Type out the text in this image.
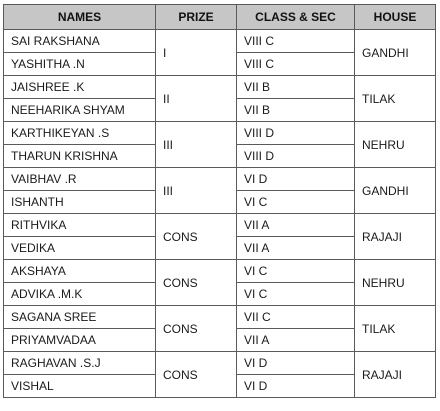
NAMES	PRIZE	CLASS & SEC	HOUSE
SAI RAKSHANA	I	VIII C	GANDHI
YASHITHA .N		VIII C	
JAISHREE .K	II	VII B	TILAK
NEEHARIKA SHYAM		VII B	
KARTHIKEYAN .S	III	VIII D	NEHRU
THARUN KRISHNA		VIII D	
VAIBHAV .R	III	VI D	GANDHI
ISHANTH		VI C	
RITHVIKA	CONS	VII A	RAJAJI
VEDIKA		VII A	
AKSHAYA	CONS	VI C	NEHRU
ADVIKA .M.K		VI C	
SAGANA SREE	CONS	VII C	TILAK
PRIYAMVADAA		VII A	
RAGHAVAN .S.J	CONS	VI D	RAJAJI
VISHAL		VI D	
